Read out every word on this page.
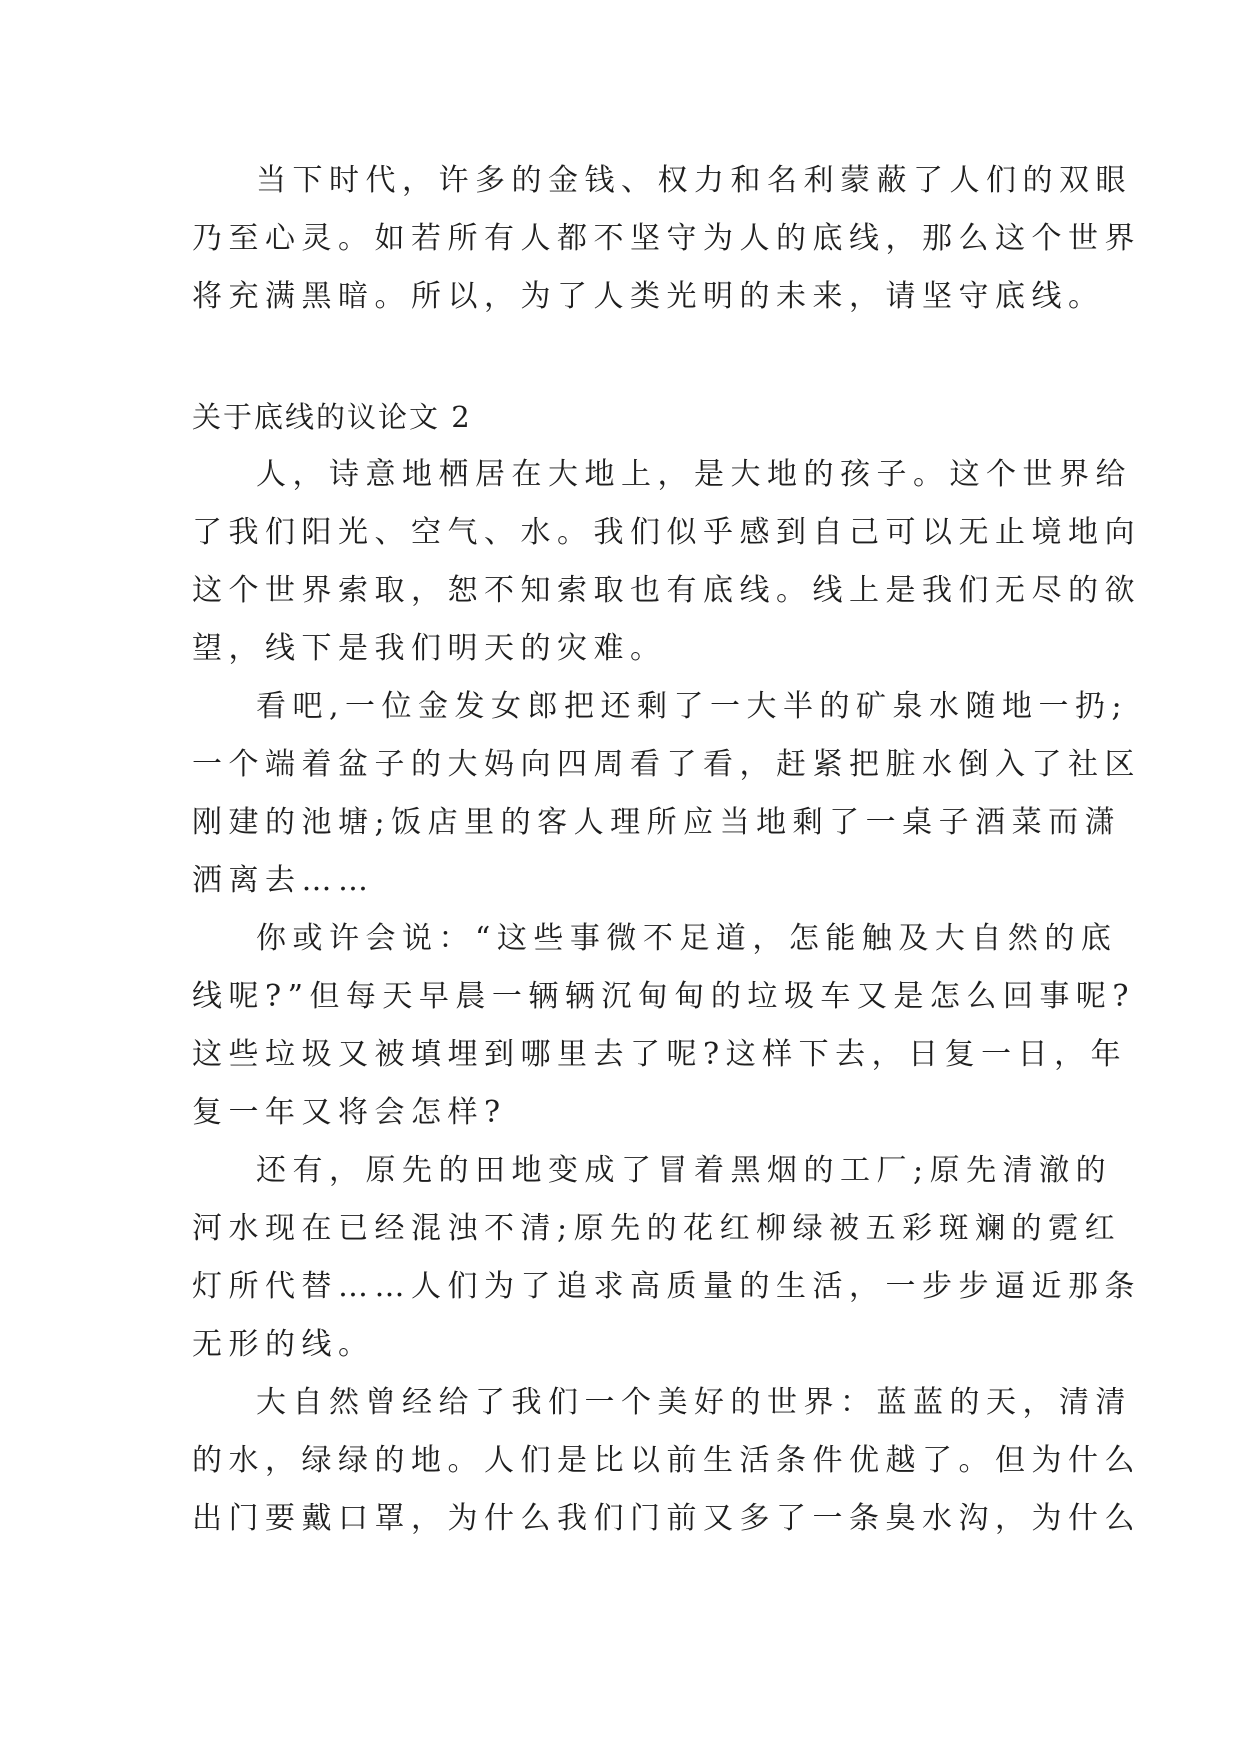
当下时代，许多的金钱、权力和名利蒙蔽了人们的双眼
乃至心灵。如若所有人都不坚守为人的底线，那么这个世界
将充满黑暗。所以，为了人类光明的未来，请坚守底线。
关于底线的议论文 2
人，诗意地栖居在大地上，是大地的孩子。这个世界给
了我们阳光、空气、水。我们似乎感到自己可以无止境地向
这个世界索取，恕不知索取也有底线。线上是我们无尽的欲
望，线下是我们明天的灾难。
看吧,一位金发女郎把还剩了一大半的矿泉水随地一扔;
一个端着盆子的大妈向四周看了看，赶紧把脏水倒入了社区
刚建的池塘;饭店里的客人理所应当地剩了一桌子酒菜而潇
洒离去……
你或许会说：“这些事微不足道，怎能触及大自然的底
线呢?”但每天早晨一辆辆沉甸甸的垃圾车又是怎么回事呢?
这些垃圾又被填埋到哪里去了呢?这样下去，日复一日，年
复一年又将会怎样?
还有，原先的田地变成了冒着黑烟的工厂;原先清澈的
河水现在已经混浊不清;原先的花红柳绿被五彩斑斓的霓红
灯所代替……人们为了追求高质量的生活，一步步逼近那条
无形的线。
大自然曾经给了我们一个美好的世界：蓝蓝的天，清清
的水，绿绿的地。人们是比以前生活条件优越了。但为什么
出门要戴口罩，为什么我们门前又多了一条臭水沟，为什么
